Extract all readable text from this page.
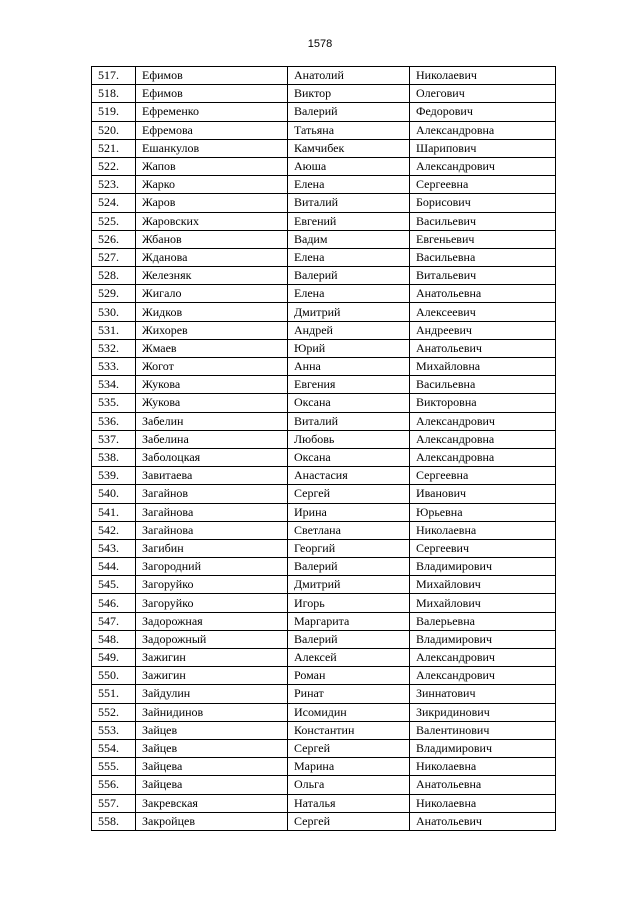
1578
517.	Ефимов	Анатолий	Николаевич
518.	Ефимов	Виктор	Олегович
519.	Ефременко	Валерий	Федорович
520.	Ефремова	Татьяна	Александровна
521.	Ешанкулов	Камчибек	Шарипович
522.	Жапов	Аюша	Александрович
523.	Жарко	Елена	Сергеевна
524.	Жаров	Виталий	Борисович
525.	Жаровских	Евгений	Васильевич
526.	Жбанов	Вадим	Евгеньевич
527.	Жданова	Елена	Васильевна
528.	Железняк	Валерий	Витальевич
529.	Жигало	Елена	Анатольевна
530.	Жидков	Дмитрий	Алексеевич
531.	Жихорев	Андрей	Андреевич
532.	Жмаев	Юрий	Анатольевич
533.	Жогот	Анна	Михайловна
534.	Жукова	Евгения	Васильевна
535.	Жукова	Оксана	Викторовна
536.	Забелин	Виталий	Александрович
537.	Забелина	Любовь	Александровна
538.	Заболоцкая	Оксана	Александровна
539.	Завитаева	Анастасия	Сергеевна
540.	Загайнов	Сергей	Иванович
541.	Загайнова	Ирина	Юрьевна
542.	Загайнова	Светлана	Николаевна
543.	Загибин	Георгий	Сергеевич
544.	Загородний	Валерий	Владимирович
545.	Загоруйко	Дмитрий	Михайлович
546.	Загоруйко	Игорь	Михайлович
547.	Задорожная	Маргарита	Валерьевна
548.	Задорожный	Валерий	Владимирович
549.	Зажигин	Алексей	Александрович
550.	Зажигин	Роман	Александрович
551.	Зайдулин	Ринат	Зиннатович
552.	Зайнидинов	Исомидин	Зикридинович
553.	Зайцев	Константин	Валентинович
554.	Зайцев	Сергей	Владимирович
555.	Зайцева	Марина	Николаевна
556.	Зайцева	Ольга	Анатольевна
557.	Закревская	Наталья	Николаевна
558.	Закройцев	Сергей	Анатольевич
